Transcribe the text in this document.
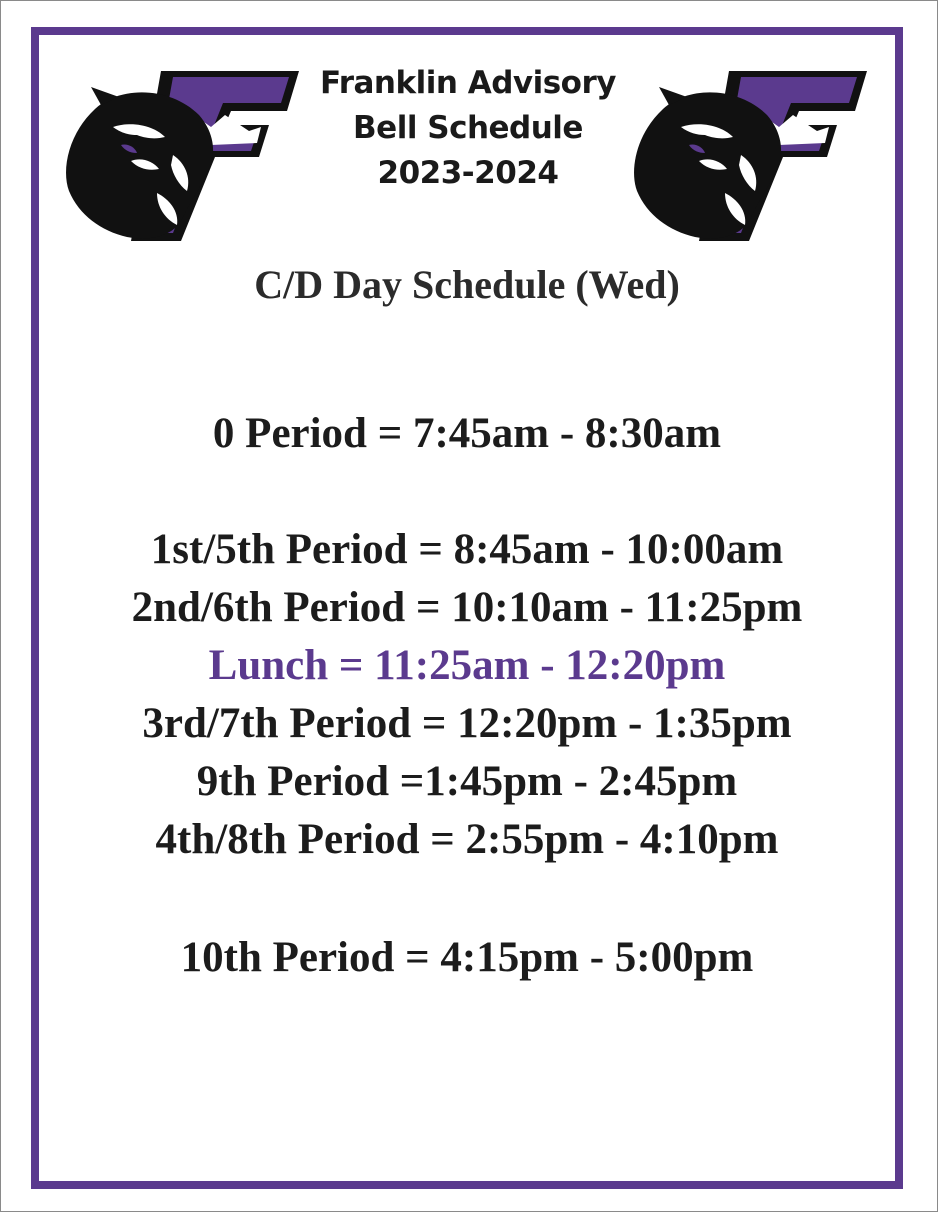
Franklin Advisory
Bell Schedule
2023-2024
C/D Day Schedule (Wed)
0 Period = 7:45am - 8:30am
1st/5th Period = 8:45am - 10:00am
2nd/6th Period = 10:10am - 11:25pm
Lunch = 11:25am - 12:20pm
3rd/7th Period = 12:20pm - 1:35pm
9th Period =1:45pm - 2:45pm
4th/8th Period = 2:55pm - 4:10pm
10th Period = 4:15pm - 5:00pm
